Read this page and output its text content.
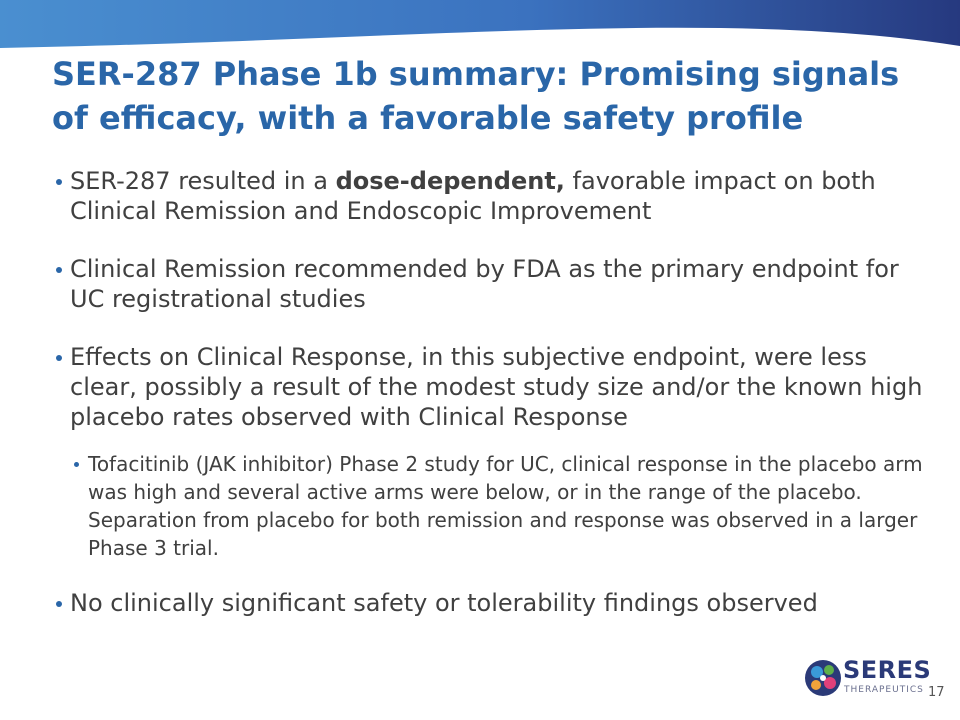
SER-287 Phase 1b summary: Promising signals of efficacy, with a favorable safety profile
SER-287 resulted in a dose-dependent, favorable impact on both Clinical Remission and Endoscopic Improvement
Clinical Remission recommended by FDA as the primary endpoint for UC registrational studies
Effects on Clinical Response, in this subjective endpoint, were less clear, possibly a result of the modest study size and/or the known high placebo rates observed with Clinical Response
Tofacitinib (JAK inhibitor) Phase 2 study for UC, clinical response in the placebo arm was high and several active arms were below, or in the range of the placebo. Separation from placebo for both remission and response was observed in a larger Phase 3 trial.
No clinically significant safety or tolerability findings observed
SERES
THERAPEUTICS 17
